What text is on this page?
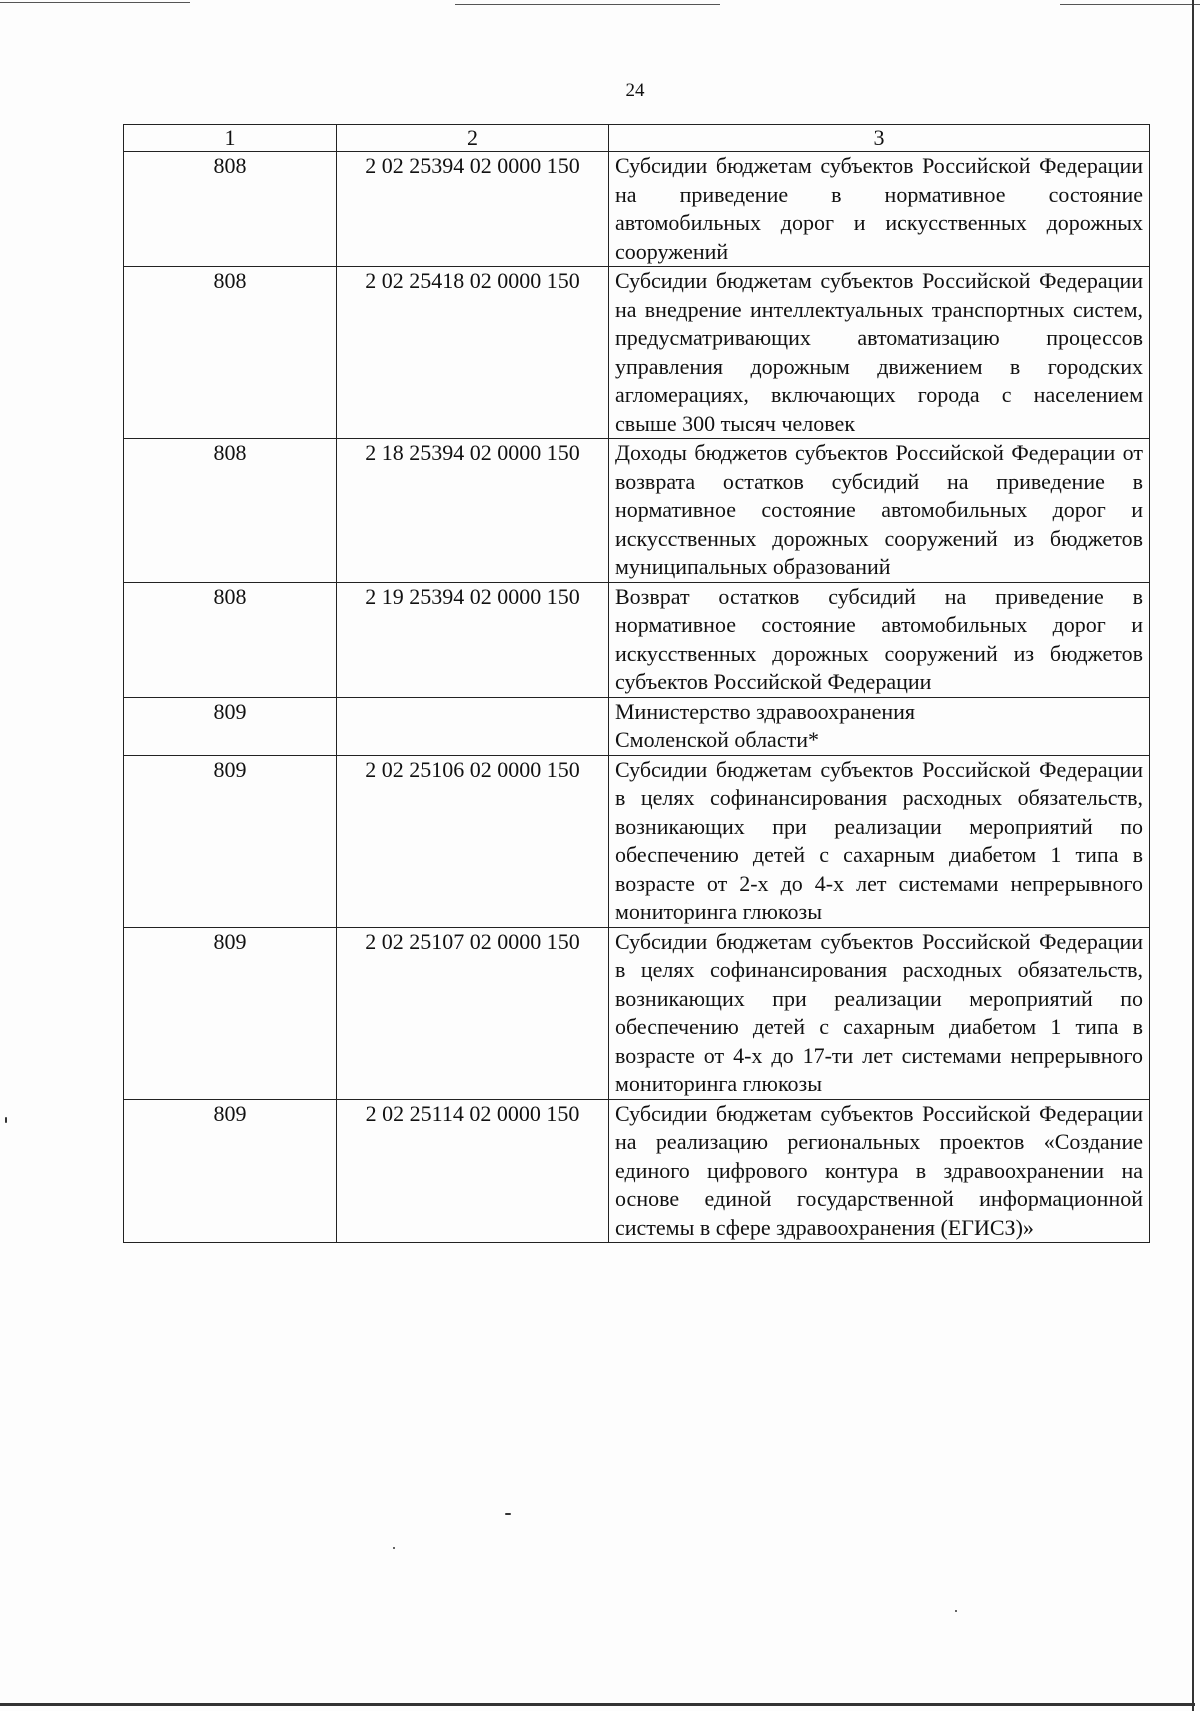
24
1	2	3
808	2 02 25394 02 0000 150	Субсидии бюджетам субъектов Российской Федерации на приведение в нормативное состояние автомобильных дорог и искусственных дорожных сооружений
808	2 02 25418 02 0000 150	Субсидии бюджетам субъектов Российской Федерации на внедрение интеллектуальных транспортных систем, предусматривающих автоматизацию процессов управления дорожным движением в городских агломерациях, включающих города с населением свыше 300 тысяч человек
808	2 18 25394 02 0000 150	Доходы бюджетов субъектов Российской Федерации от возврата остатков субсидий на приведение в нормативное состояние автомобильных дорог и искусственных дорожных сооружений из бюджетов муниципальных образований
808	2 19 25394 02 0000 150	Возврат остатков субсидий на приведение в нормативное состояние автомобильных дорог и искусственных дорожных сооружений из бюджетов субъектов Российской Федерации
809		Министерство здравоохранения Смоленской области*
809	2 02 25106 02 0000 150	Субсидии бюджетам субъектов Российской Федерации в целях софинансирования расходных обязательств, возникающих при реализации мероприятий по обеспечению детей с сахарным диабетом 1 типа в возрасте от 2-х до 4-х лет системами непрерывного мониторинга глюкозы
809	2 02 25107 02 0000 150	Субсидии бюджетам субъектов Российской Федерации в целях софинансирования расходных обязательств, возникающих при реализации мероприятий по обеспечению детей с сахарным диабетом 1 типа в возрасте от 4-х до 17-ти лет системами непрерывного мониторинга глюкозы
809	2 02 25114 02 0000 150	Субсидии бюджетам субъектов Российской Федерации на реализацию региональных проектов «Создание единого цифрового контура в здравоохранении на основе единой государственной информационной системы в сфере здравоохранения (ЕГИСЗ)»
